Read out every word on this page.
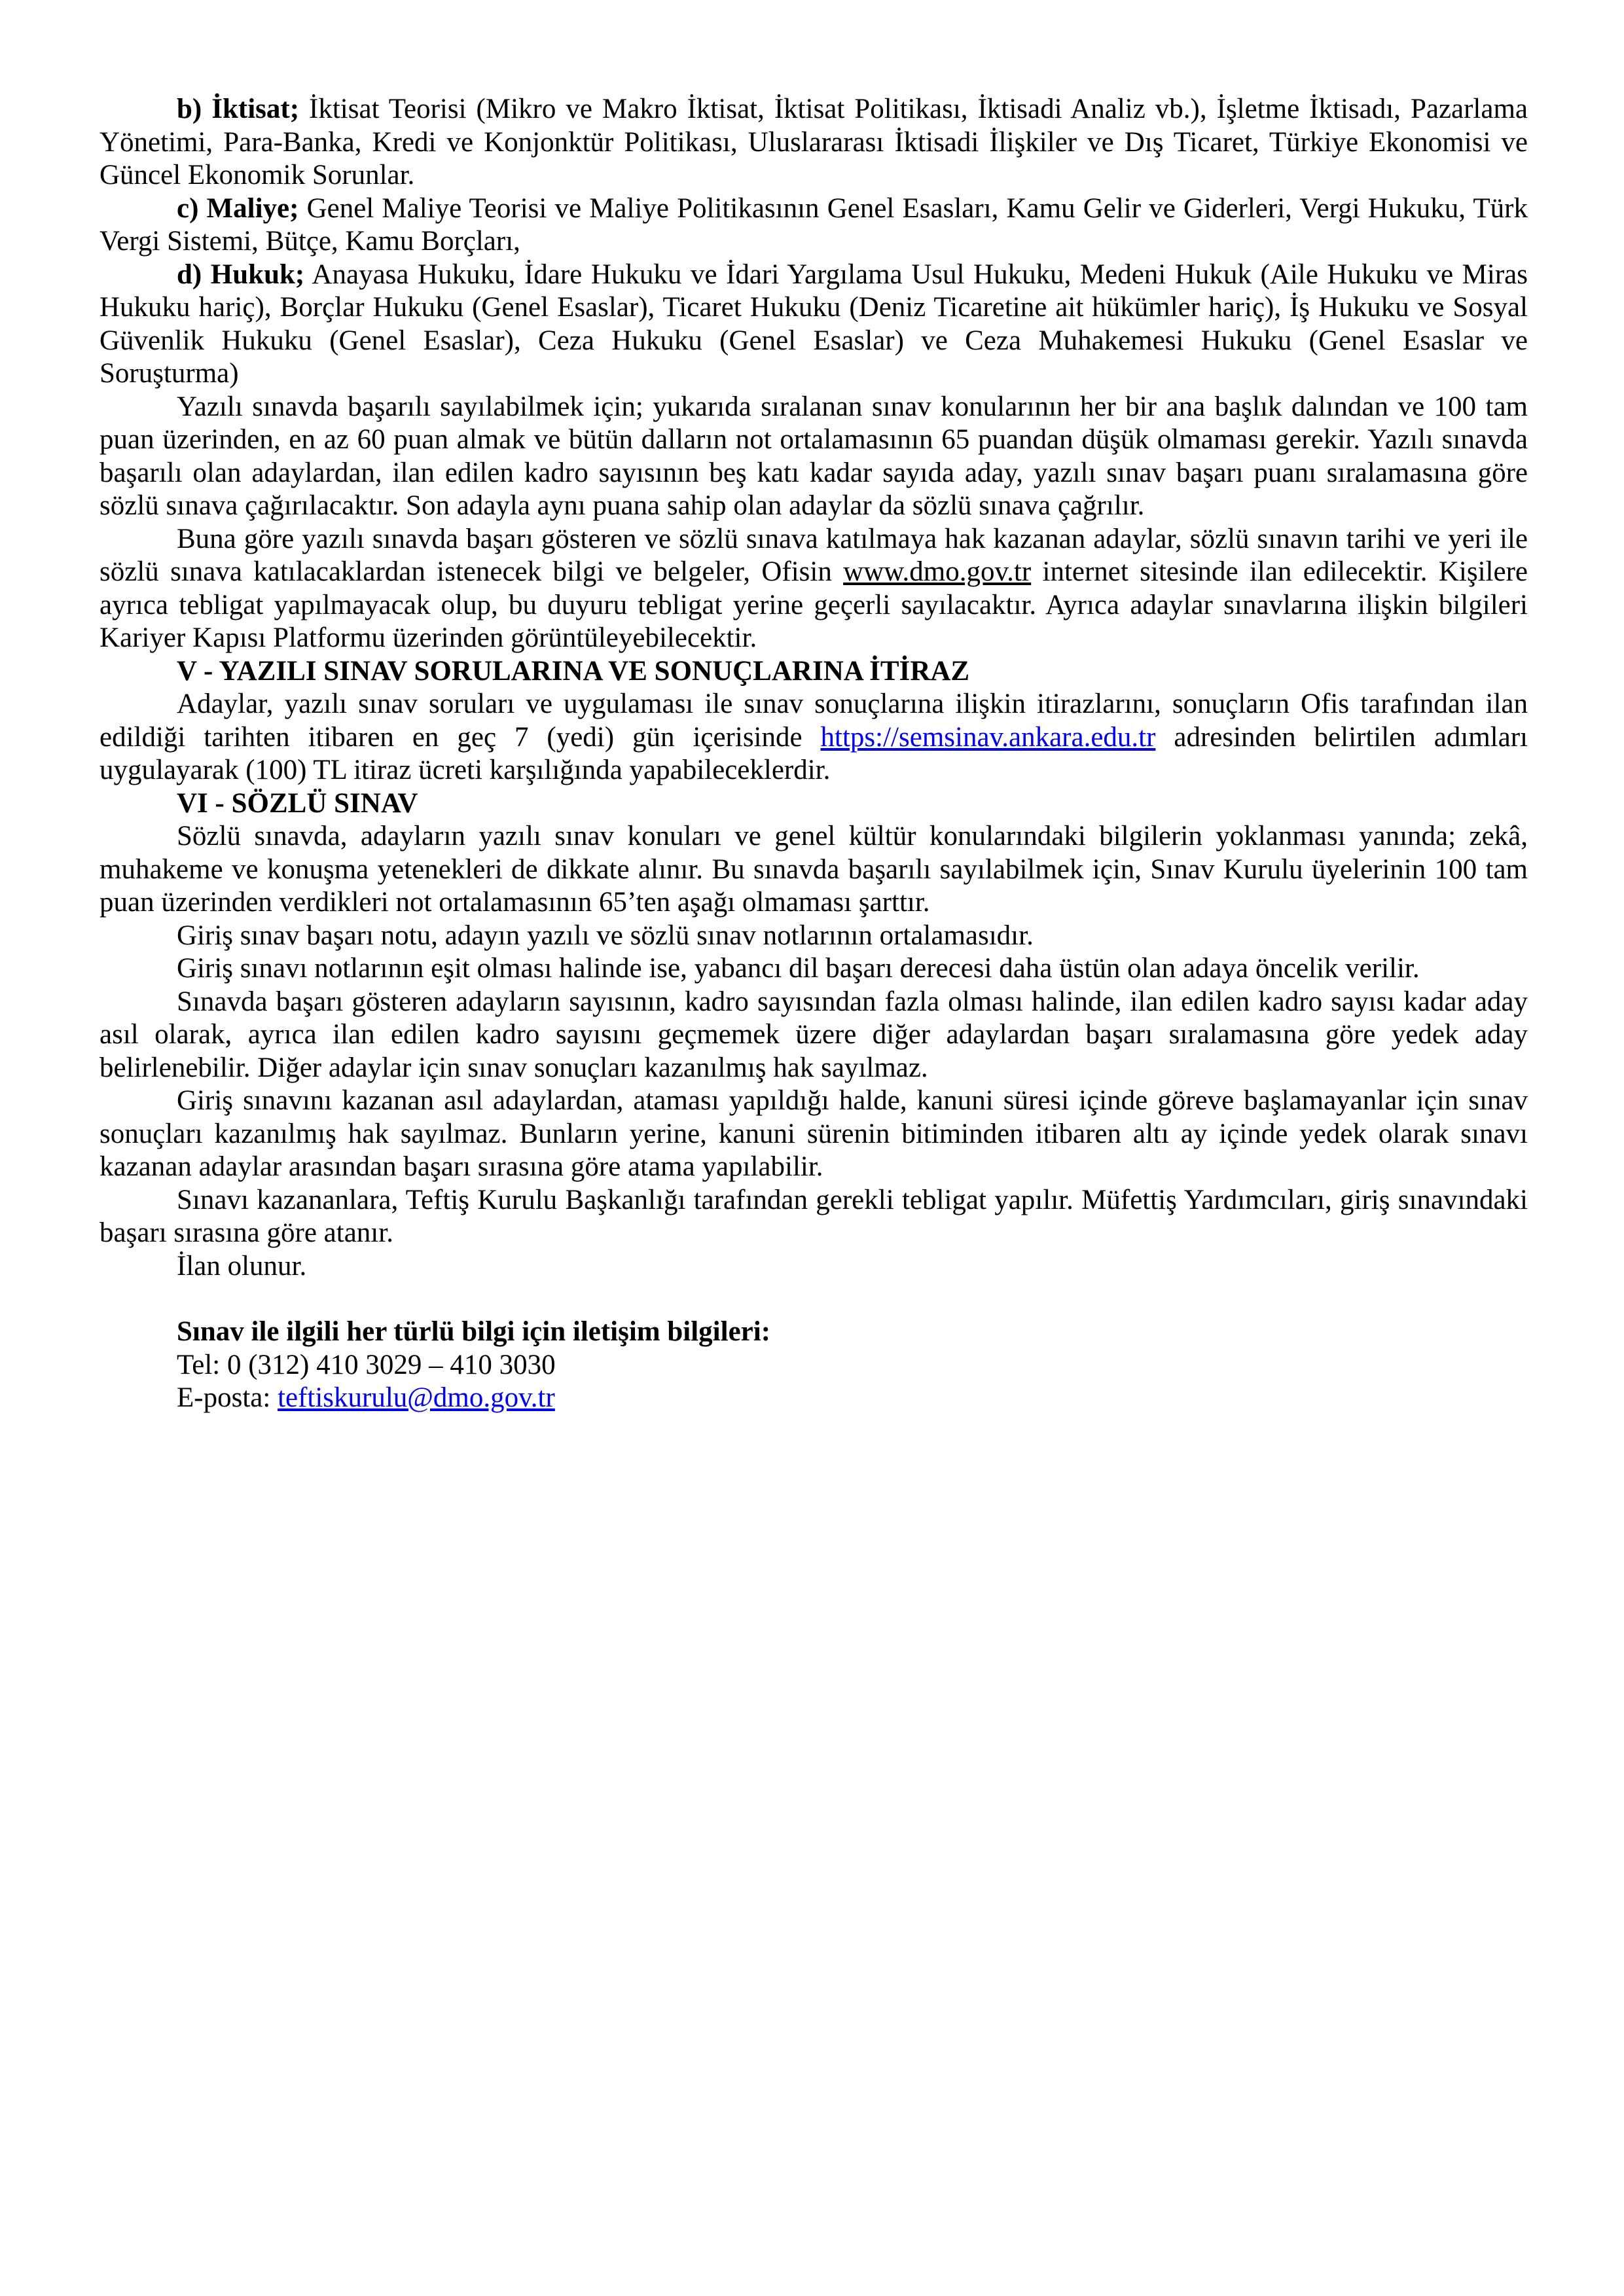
b) İktisat; İktisat Teorisi (Mikro ve Makro İktisat, İktisat Politikası, İktisadi Analiz vb.), İşletme İktisadı, Pazarlama Yönetimi, Para-Banka, Kredi ve Konjonktür Politikası, Uluslararası İktisadi İlişkiler ve Dış Ticaret, Türkiye Ekonomisi ve Güncel Ekonomik Sorunlar.

c) Maliye; Genel Maliye Teorisi ve Maliye Politikasının Genel Esasları, Kamu Gelir ve Giderleri, Vergi Hukuku, Türk Vergi Sistemi, Bütçe, Kamu Borçları,

d) Hukuk; Anayasa Hukuku, İdare Hukuku ve İdari Yargılama Usul Hukuku, Medeni Hukuk (Aile Hukuku ve Miras Hukuku hariç), Borçlar Hukuku (Genel Esaslar), Ticaret Hukuku (Deniz Ticaretine ait hükümler hariç), İş Hukuku ve Sosyal Güvenlik Hukuku (Genel Esaslar), Ceza Hukuku (Genel Esaslar) ve Ceza Muhakemesi Hukuku (Genel Esaslar ve Soruşturma)

Yazılı sınavda başarılı sayılabilmek için; yukarıda sıralanan sınav konularının her bir ana başlık dalından ve 100 tam puan üzerinden, en az 60 puan almak ve bütün dalların not ortalamasının 65 puandan düşük olmaması gerekir. Yazılı sınavda başarılı olan adaylardan, ilan edilen kadro sayısının beş katı kadar sayıda aday, yazılı sınav başarı puanı sıralamasına göre sözlü sınava çağırılacaktır. Son adayla aynı puana sahip olan adaylar da sözlü sınava çağrılır.

Buna göre yazılı sınavda başarı gösteren ve sözlü sınava katılmaya hak kazanan adaylar, sözlü sınavın tarihi ve yeri ile sözlü sınava katılacaklardan istenecek bilgi ve belgeler, Ofisin www.dmo.gov.tr internet sitesinde ilan edilecektir. Kişilere ayrıca tebligat yapılmayacak olup, bu duyuru tebligat yerine geçerli sayılacaktır. Ayrıca adaylar sınavlarına ilişkin bilgileri Kariyer Kapısı Platformu üzerinden görüntüleyebilecektir.

V - YAZILI SINAV SORULARINA VE SONUÇLARINA İTİRAZ

Adaylar, yazılı sınav soruları ve uygulaması ile sınav sonuçlarına ilişkin itirazlarını, sonuçların Ofis tarafından ilan edildiği tarihten itibaren en geç 7 (yedi) gün içerisinde https://semsinav.ankara.edu.tr adresinden belirtilen adımları uygulayarak (100) TL itiraz ücreti karşılığında yapabileceklerdir.

VI - SÖZLÜ SINAV

Sözlü sınavda, adayların yazılı sınav konuları ve genel kültür konularındaki bilgilerin yoklanması yanında; zekâ, muhakeme ve konuşma yetenekleri de dikkate alınır. Bu sınavda başarılı sayılabilmek için, Sınav Kurulu üyelerinin 100 tam puan üzerinden verdikleri not ortalamasının 65’ten aşağı olmaması şarttır.

Giriş sınav başarı notu, adayın yazılı ve sözlü sınav notlarının ortalamasıdır.

Giriş sınavı notlarının eşit olması halinde ise, yabancı dil başarı derecesi daha üstün olan adaya öncelik verilir.

Sınavda başarı gösteren adayların sayısının, kadro sayısından fazla olması halinde, ilan edilen kadro sayısı kadar aday asıl olarak, ayrıca ilan edilen kadro sayısını geçmemek üzere diğer adaylardan başarı sıralamasına göre yedek aday belirlenebilir. Diğer adaylar için sınav sonuçları kazanılmış hak sayılmaz.

Giriş sınavını kazanan asıl adaylardan, ataması yapıldığı halde, kanuni süresi içinde göreve başlamayanlar için sınav sonuçları kazanılmış hak sayılmaz. Bunların yerine, kanuni sürenin bitiminden itibaren altı ay içinde yedek olarak sınavı kazanan adaylar arasından başarı sırasına göre atama yapılabilir.

Sınavı kazananlara, Teftiş Kurulu Başkanlığı tarafından gerekli tebligat yapılır. Müfettiş Yardımcıları, giriş sınavındaki başarı sırasına göre atanır.

İlan olunur.

Sınav ile ilgili her türlü bilgi için iletişim bilgileri:
Tel: 0 (312) 410 3029 – 410 3030
E-posta: teftiskurulu@dmo.gov.tr
